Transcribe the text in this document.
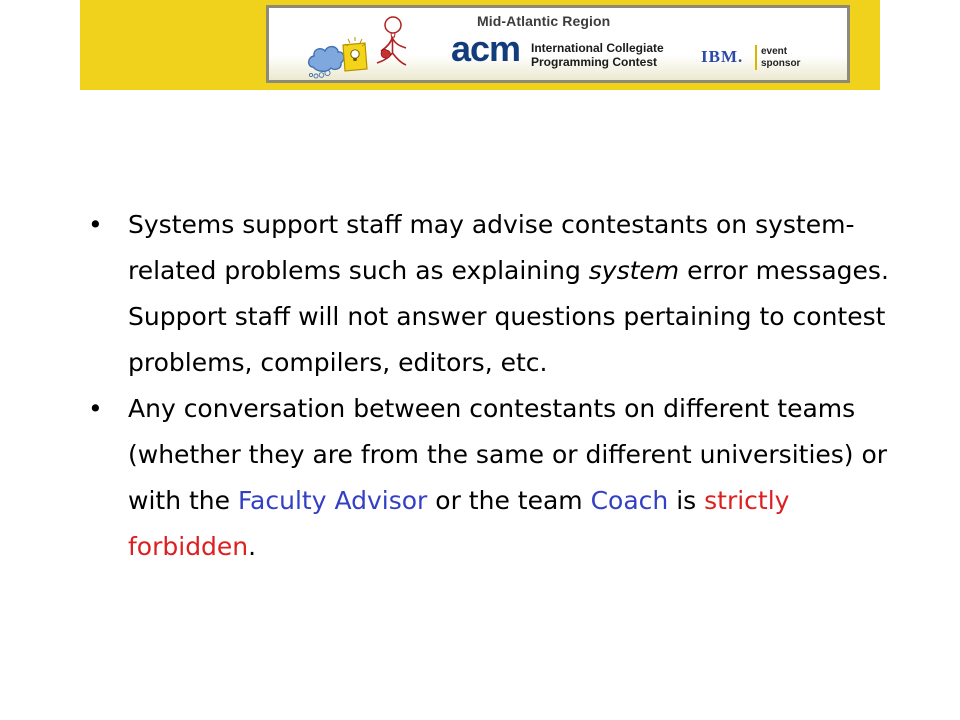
Mid-Atlantic Region
acm International Collegiate
Programming Contest	IBM. event
sponsor
•	Systems support staff may advise contestants on system-related problems such as explaining system error messages. Support staff will not answer questions pertaining to contest problems, compilers, editors, etc.
•	Any conversation between contestants on different teams (whether they are from the same or different universities) or with the Faculty Advisor or the team Coach is strictly forbidden.
